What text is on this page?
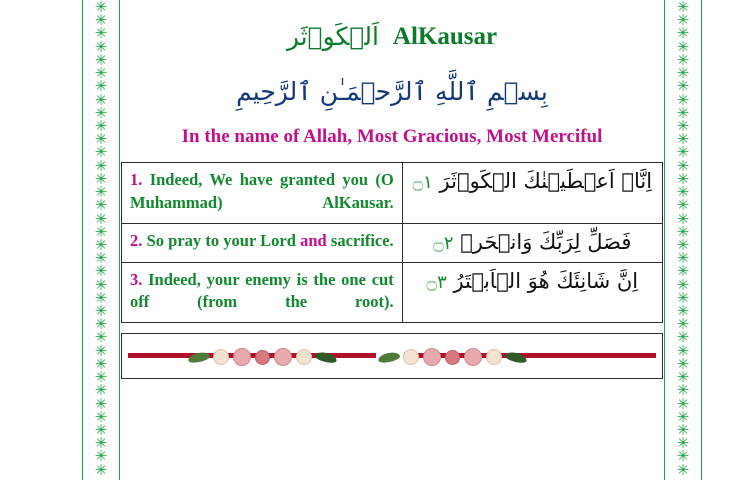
✳
✳
✳
✳
✳
✳
✳
✳
✳
✳
✳
✳
✳
✳
✳
✳
✳
✳
✳
✳
✳
✳
✳
✳
✳
✳
✳
✳
✳
✳
✳
✳
✳
✳
✳
✳
✳
✳
✳
✳
✳
✳
✳
✳
✳
✳
✳
✳
✳
✳
✳
✳
✳
✳
✳
✳
✳
✳
✳
✳
✳
✳
✳
✳
✳
✳
✳
✳
✳
✳
✳
✳
اَلۡكَوۡثَر AlKausar
بِسۡمِ ٱللَّهِ ٱلرَّحۡمَـٰنِ ٱلرَّحِيمِ
In the name of Allah, Most Gracious, Most Merciful
1. Indeed, We have granted you (O Muhammad) AlKausar.	اِنَّاۤ اَعۡطَيۡنٰكَ الۡكَوۡثَرَ ۝١
2. So pray to your Lord and sacrifice.	فَصَلِّ لِرَبِّكَ وَانۡحَرۡ ۝٢
3. Indeed, your enemy is the one cut off (from the root).	اِنَّ شَانِئَكَ هُوَ الۡاَبۡتَرُ ۝٣
